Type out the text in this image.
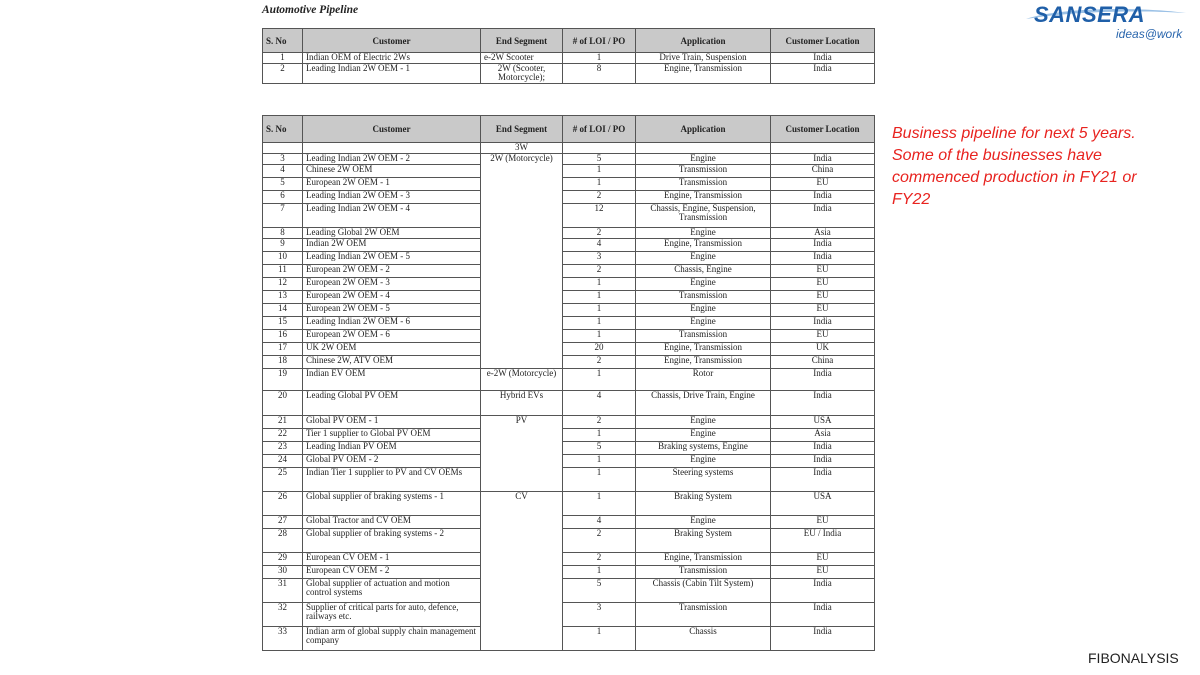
Automotive Pipeline
S. No	Customer	End Segment	# of LOI / PO	Application	Customer Location
1	Indian OEM of Electric 2Ws	e-2W Scooter	1	Drive Train, Suspension	India
2	Leading Indian 2W OEM - 1	2W (Scooter, Motorcycle);	8	Engine, Transmission	India
S. No	Customer	End Segment	# of LOI / PO	Application	Customer Location
		3W			
3	Leading Indian 2W OEM - 2	2W (Motorcycle)	5	Engine	India
4	Chinese 2W OEM		1	Transmission	China
5	European 2W OEM - 1		1	Transmission	EU
6	Leading Indian 2W OEM - 3		2	Engine, Transmission	India
7	Leading Indian 2W OEM - 4		12	Chassis, Engine, Suspension, Transmission	India
8	Leading Global 2W OEM		2	Engine	Asia
9	Indian 2W OEM		4	Engine, Transmission	India
10	Leading Indian 2W OEM - 5		3	Engine	India
11	European 2W OEM - 2		2	Chassis, Engine	EU
12	European 2W OEM - 3		1	Engine	EU
13	European 2W OEM - 4		1	Transmission	EU
14	European 2W OEM - 5		1	Engine	EU
15	Leading Indian 2W OEM - 6		1	Engine	India
16	European 2W OEM - 6		1	Transmission	EU
17	UK 2W OEM		20	Engine, Transmission	UK
18	Chinese 2W, ATV OEM		2	Engine, Transmission	China
19	Indian EV OEM	e-2W (Motorcycle)	1	Rotor	India
20	Leading Global PV OEM	Hybrid EVs	4	Chassis, Drive Train, Engine	India
21	Global PV OEM - 1	PV	2	Engine	USA
22	Tier 1 supplier to Global PV OEM		1	Engine	Asia
23	Leading Indian PV OEM		5	Braking systems, Engine	India
24	Global PV OEM - 2		1	Engine	India
25	Indian Tier 1 supplier to PV and CV OEMs		1	Steering systems	India
26	Global supplier of braking systems - 1	CV	1	Braking System	USA
27	Global Tractor and CV OEM		4	Engine	EU
28	Global supplier of braking systems - 2		2	Braking System	EU / India
29	European CV OEM - 1		2	Engine, Transmission	EU
30	European CV OEM - 2		1	Transmission	EU
31	Global supplier of actuation and motion control systems		5	Chassis (Cabin Tilt System)	India
32	Supplier of critical parts for auto, defence, railways etc.		3	Transmission	India
33	Indian arm of global supply chain management company		1	Chassis	India
Business pipeline for next 5 years. Some of the businesses have commenced production in FY21 or FY22
SANSERA
ideas@work
FIBONALYSIS
